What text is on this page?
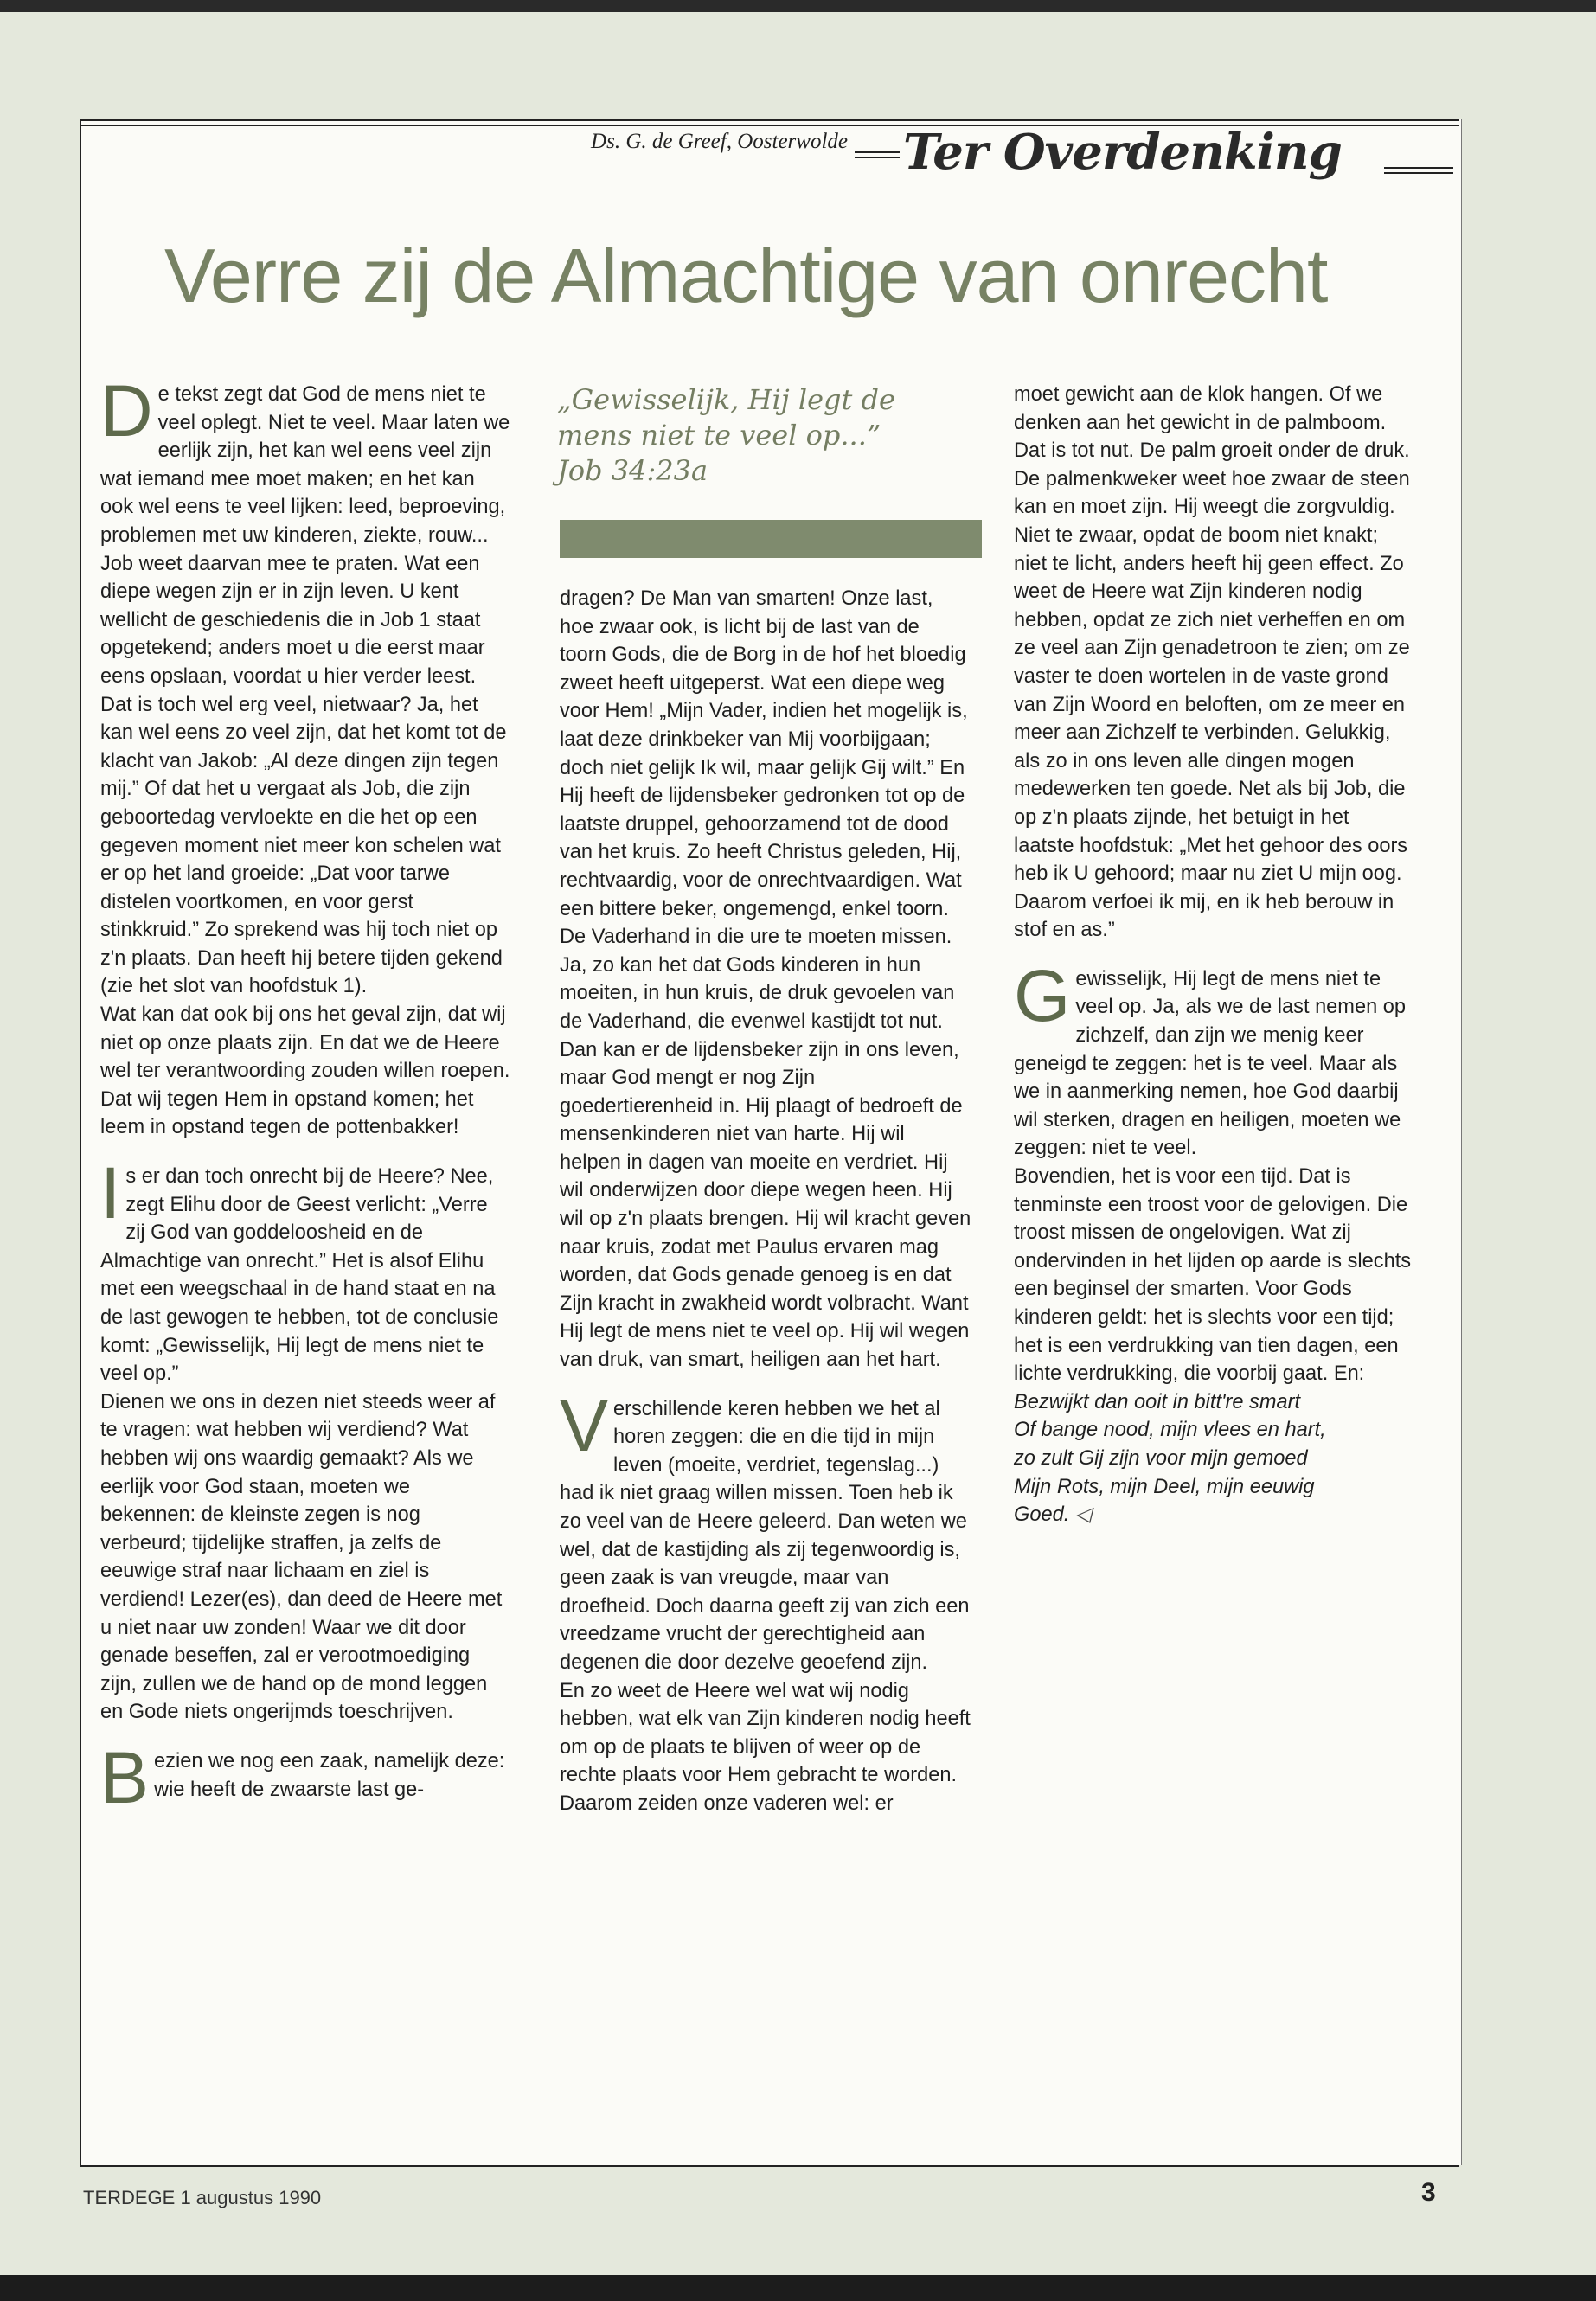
Ds. G. de Greef, Oosterwolde Ter Overdenking
Verre zij de Almachtige van onrecht

De tekst zegt dat God de mens niet te veel oplegt. Niet te veel. Maar laten we eerlijk zijn, het kan wel eens veel zijn wat iemand mee moet maken; en het kan ook wel eens te veel lijken: leed, beproeving, problemen met uw kinderen, ziekte, rouw...

Job weet daarvan mee te praten. Wat een diepe wegen zijn er in zijn leven. U kent wellicht de geschiedenis die in Job 1 staat opgetekend; anders moet u die eerst maar eens opslaan, voordat u hier verder leest. Dat is toch wel erg veel, nietwaar? Ja, het kan wel eens zo veel zijn, dat het komt tot de klacht van Jakob: „Al deze dingen zijn tegen mij.” Of dat het u vergaat als Job, die zijn geboortedag vervloekte en die het op een gegeven moment niet meer kon schelen wat er op het land groeide: „Dat voor tarwe distelen voortkomen, en voor gerst stinkkruid.” Zo sprekend was hij toch niet op z'n plaats. Dan heeft hij betere tijden gekend (zie het slot van hoofdstuk 1).

Wat kan dat ook bij ons het geval zijn, dat wij niet op onze plaats zijn. En dat we de Heere wel ter verantwoording zouden willen roepen. Dat wij tegen Hem in opstand komen; het leem in opstand tegen de pottenbakker!

Is er dan toch onrecht bij de Heere? Nee, zegt Elihu door de Geest verlicht: „Verre zij God van goddeloosheid en de Almachtige van onrecht.” Het is alsof Elihu met een weegschaal in de hand staat en na de last gewogen te hebben, tot de conclusie komt: „Gewisselijk, Hij legt de mens niet te veel op.”

Dienen we ons in dezen niet steeds weer af te vragen: wat hebben wij verdiend? Wat hebben wij ons waardig gemaakt? Als we eerlijk voor God staan, moeten we bekennen: de kleinste zegen is nog verbeurd; tijdelijke straffen, ja zelfs de eeuwige straf naar lichaam en ziel is verdiend! Lezer(es), dan deed de Heere met u niet naar uw zonden! Waar we dit door genade beseffen, zal er verootmoediging zijn, zullen we de hand op de mond leggen en Gode niets ongerijmds toeschrijven.

Bezien we nog een zaak, namelijk deze: wie heeft de zwaarste last ge-

„Gewisselijk, Hij legt de
mens niet te veel op...”
Job 34:23a

dragen? De Man van smarten! Onze last, hoe zwaar ook, is licht bij de last van de toorn Gods, die de Borg in de hof het bloedig zweet heeft uitgeperst. Wat een diepe weg voor Hem! „Mijn Vader, indien het mogelijk is, laat deze drinkbeker van Mij voorbijgaan; doch niet gelijk Ik wil, maar gelijk Gij wilt.” En Hij heeft de lijdensbeker gedronken tot op de laatste druppel, gehoorzamend tot de dood van het kruis. Zo heeft Christus geleden, Hij, rechtvaardig, voor de onrechtvaardigen. Wat een bittere beker, ongemengd, enkel toorn.

De Vaderhand in die ure te moeten missen. Ja, zo kan het dat Gods kinderen in hun moeiten, in hun kruis, de druk gevoelen van de Vaderhand, die evenwel kastijdt tot nut. Dan kan er de lijdensbeker zijn in ons leven, maar God mengt er nog Zijn goedertierenheid in. Hij plaagt of bedroeft de mensenkinderen niet van harte. Hij wil helpen in dagen van moeite en verdriet. Hij wil onderwijzen door diepe wegen heen. Hij wil op z'n plaats brengen. Hij wil kracht geven naar kruis, zodat met Paulus ervaren mag worden, dat Gods genade genoeg is en dat Zijn kracht in zwakheid wordt volbracht. Want Hij legt de mens niet te veel op. Hij wil wegen van druk, van smart, heiligen aan het hart.

Verschillende keren hebben we het al horen zeggen: die en die tijd in mijn leven (moeite, verdriet, tegenslag...) had ik niet graag willen missen. Toen heb ik zo veel van de Heere geleerd. Dan weten we wel, dat de kastijding als zij tegenwoordig is, geen zaak is van vreugde, maar van droefheid. Doch daarna geeft zij van zich een vreedzame vrucht der gerechtigheid aan degenen die door dezelve geoefend zijn.

En zo weet de Heere wel wat wij nodig hebben, wat elk van Zijn kinderen nodig heeft om op de plaats te blijven of weer op de rechte plaats voor Hem gebracht te worden.

Daarom zeiden onze vaderen wel: er

moet gewicht aan de klok hangen. Of we denken aan het gewicht in de palmboom. Dat is tot nut. De palm groeit onder de druk. De palmenkweker weet hoe zwaar de steen kan en moet zijn. Hij weegt die zorgvuldig. Niet te zwaar, opdat de boom niet knakt; niet te licht, anders heeft hij geen effect. Zo weet de Heere wat Zijn kinderen nodig hebben, opdat ze zich niet verheffen en om ze veel aan Zijn genadetroon te zien; om ze vaster te doen wortelen in de vaste grond van Zijn Woord en beloften, om ze meer en meer aan Zichzelf te verbinden. Gelukkig, als zo in ons leven alle dingen mogen medewerken ten goede. Net als bij Job, die op z'n plaats zijnde, het betuigt in het laatste hoofdstuk: „Met het gehoor des oors heb ik U gehoord; maar nu ziet U mijn oog. Daarom verfoei ik mij, en ik heb berouw in stof en as.”

Gewisselijk, Hij legt de mens niet te veel op. Ja, als we de last nemen op zichzelf, dan zijn we menig keer geneigd te zeggen: het is te veel. Maar als we in aanmerking nemen, hoe God daarbij wil sterken, dragen en heiligen, moeten we zeggen: niet te veel.

Bovendien, het is voor een tijd. Dat is tenminste een troost voor de gelovigen. Die troost missen de ongelovigen. Wat zij ondervinden in het lijden op aarde is slechts een beginsel der smarten. Voor Gods kinderen geldt: het is slechts voor een tijd; het is een verdrukking van tien dagen, een lichte verdrukking, die voorbij gaat. En:

Bezwijkt dan ooit in bitt're smart
Of bange nood, mijn vlees en hart,
zo zult Gij zijn voor mijn gemoed
Mijn Rots, mijn Deel, mijn eeuwig
Goed. ◁
TERDEGE 1 augustus 1990	3
